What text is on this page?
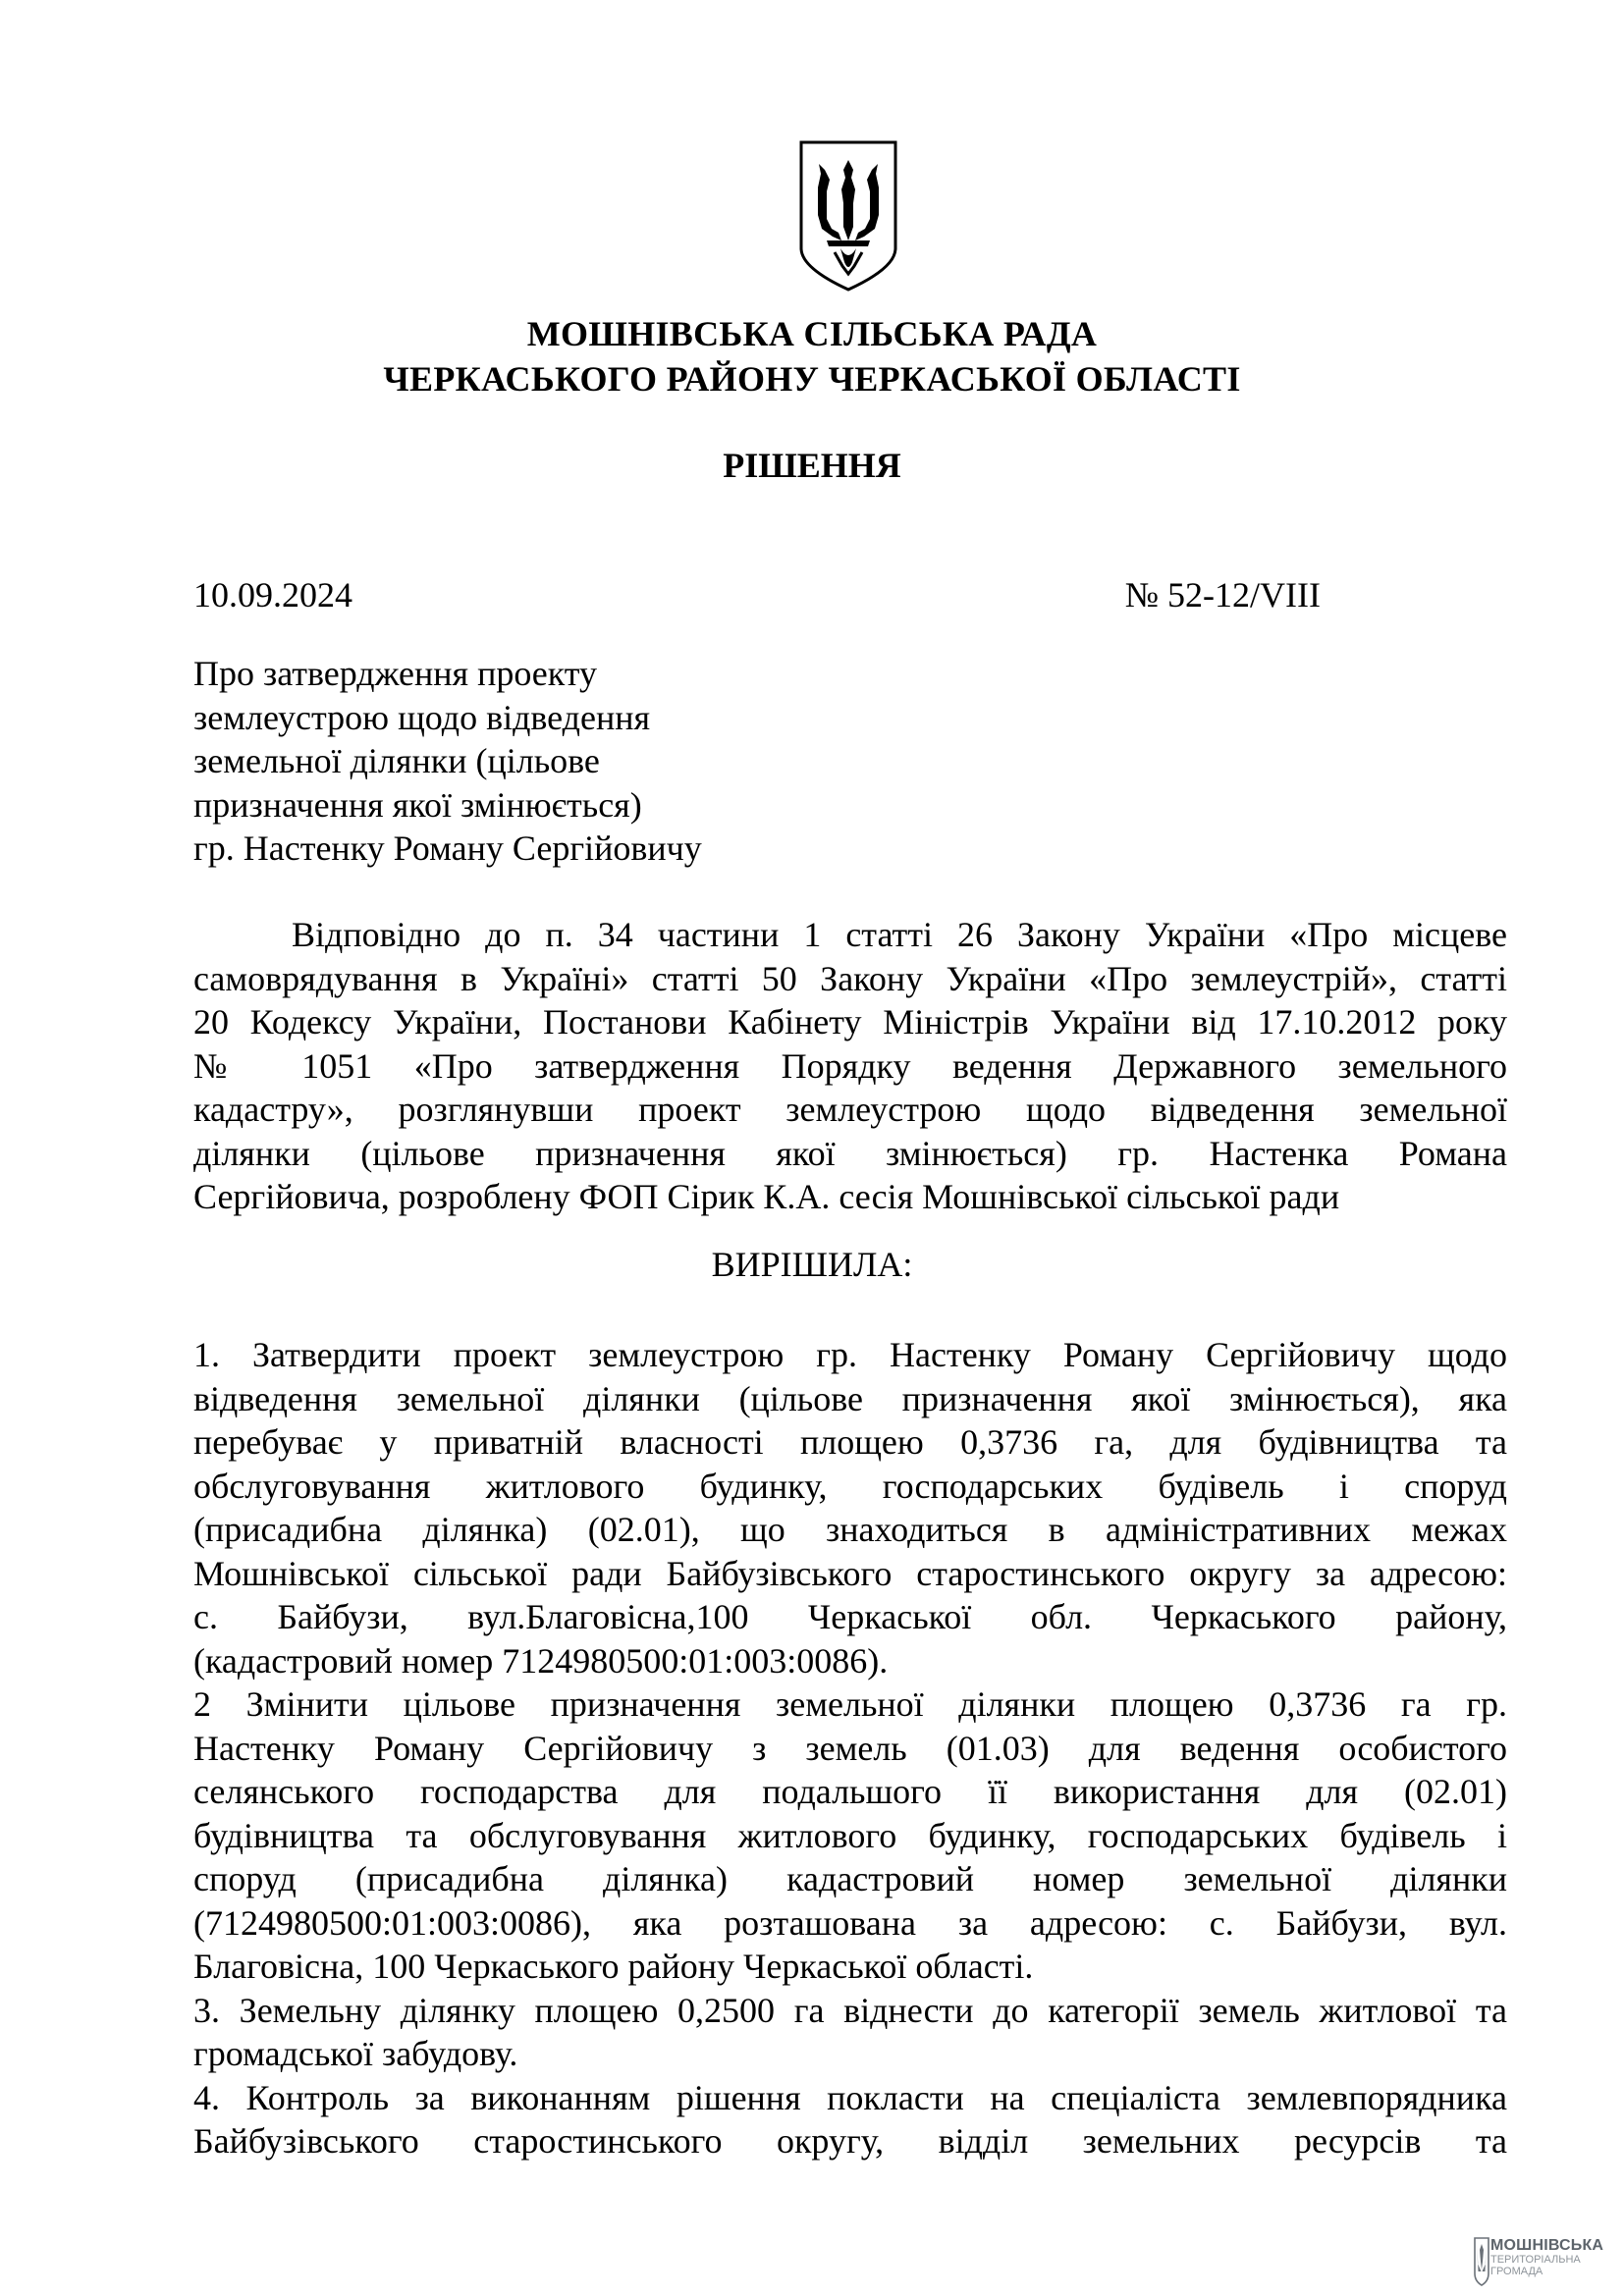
МОШНІВСЬКА СІЛЬСЬКА РАДА
ЧЕРКАСЬКОГО РАЙОНУ ЧЕРКАСЬКОЇ ОБЛАСТІ
РІШЕННЯ
10.09.2024	№ 52-12/VIII
Про затвердження проекту
землеустрою щодо відведення
земельної ділянки (цільове
призначення якої змінюється)
гр. Настенку Роману Сергійовичу
Відповідно до п. 34 частини 1 статті 26 Закону України «Про місцеве
самоврядування в Україні» статті 50 Закону України «Про землеустрій», статті
20 Кодексу України, Постанови Кабінету Міністрів України від 17.10.2012 року
№ 1051 «Про затвердження Порядку ведення Державного земельного
кадастру», розглянувши проект землеустрою щодо відведення земельної
ділянки (цільове призначення якої змінюється) гр. Настенка Романа
Сергійовича, розроблену ФОП Сірик К.А. сесія Мошнівської сільської ради
ВИРІШИЛА:
1. Затвердити проект землеустрою гр. Настенку Роману Сергійовичу щодо
відведення земельної ділянки (цільове призначення якої змінюється), яка
перебуває у приватній власності площею 0,3736 га, для будівництва та
обслуговування житлового будинку, господарських будівель і споруд
(присадибна ділянка) (02.01), що знаходиться в адміністративних межах
Мошнівської сільської ради Байбузівського старостинського округу за адресою:
с. Байбузи, вул.Благовісна,100 Черкаської обл. Черкаського району,
(кадастровий номер 7124980500:01:003:0086).
2 Змінити цільове призначення земельної ділянки площею 0,3736 га гр.
Настенку Роману Сергійовичу з земель (01.03) для ведення особистого
селянського господарства для подальшого її використання для (02.01)
будівництва та обслуговування житлового будинку, господарських будівель і
споруд (присадибна ділянка) кадастровий номер земельної ділянки
(7124980500:01:003:0086), яка розташована за адресою: с. Байбузи, вул.
Благовісна, 100 Черкаського району Черкаської області.
3. Земельну ділянку площею 0,2500 га віднести до категорії земель житлової та
громадської забудову.
4. Контроль за виконанням рішення покласти на спеціаліста землевпорядника
Байбузівського старостинського округу, відділ земельних ресурсів та
МОШНІВСЬКА
ТЕРИТОРІАЛЬНА
ГРОМАДА
